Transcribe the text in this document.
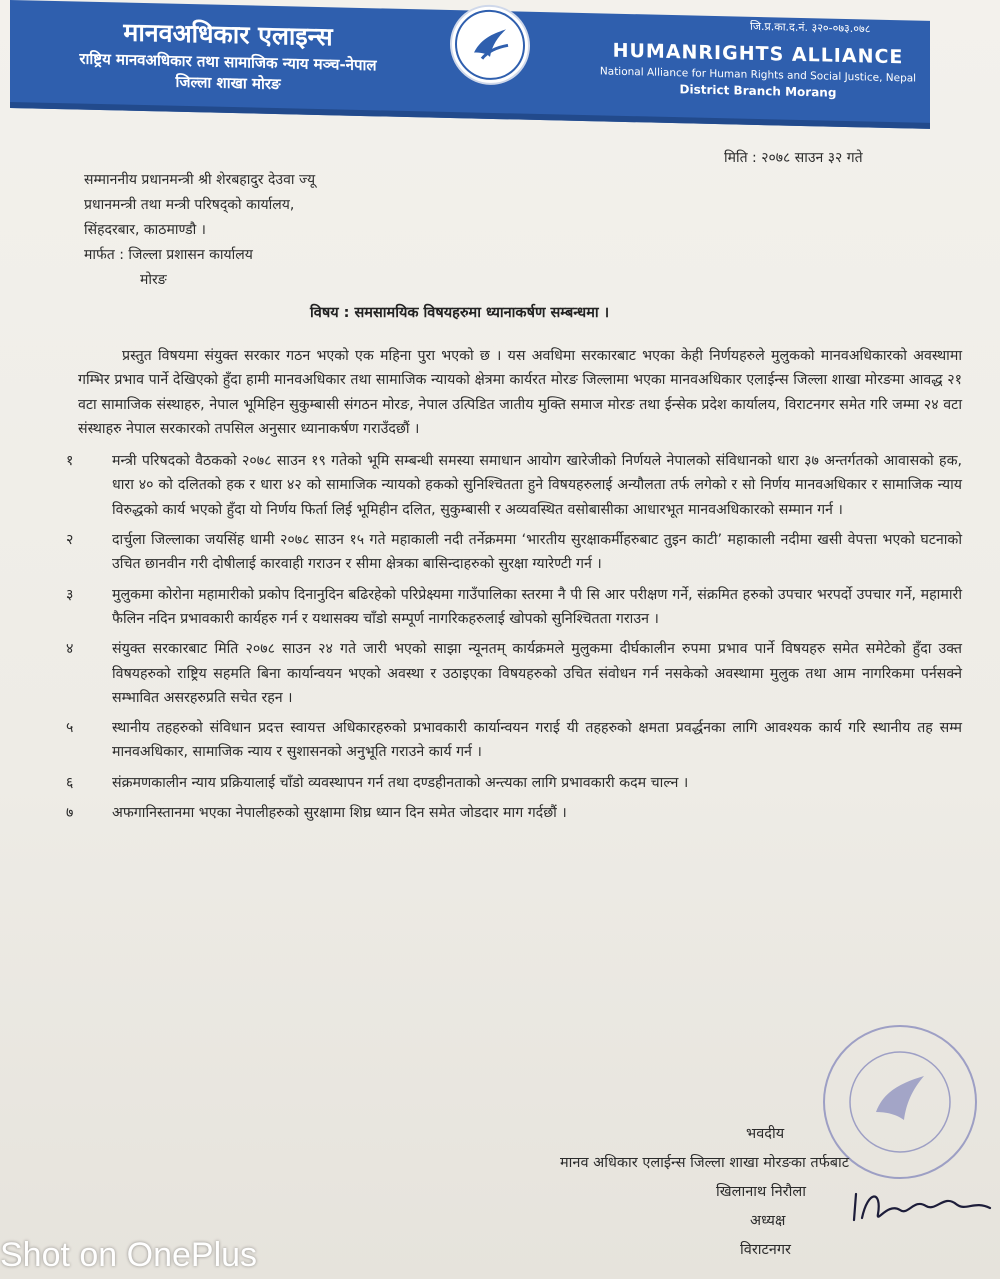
मानवअधिकार एलाइन्स
राष्ट्रिय मानवअधिकार तथा सामाजिक न्याय मञ्च-नेपाल
जिल्ला शाखा मोरङ
जि.प्र.का.द.नं. ३२०-०७३.०७८
HUMANRIGHTS ALLIANCE
National Alliance for Human Rights and Social Justice, Nepal
District Branch Morang
मिति : २०७८ साउन ३२ गते
सम्माननीय प्रधानमन्त्री श्री शेरबहादुर देउवा ज्यू
प्रधानमन्त्री तथा मन्त्री परिषद्‌को कार्यालय,
सिंहदरबार, काठमाण्डौ ।
मार्फत : जिल्ला प्रशासन कार्यालय
मोरङ
विषय : समसामयिक विषयहरुमा ध्यानाकर्षण सम्बन्धमा ।

प्रस्तुत विषयमा संयुक्त सरकार गठन भएको एक महिना पुरा भएको छ । यस अवधिमा सरकारबाट भएका केही निर्णयहरुले मुलुकको मानवअधिकारको अवस्थामा गम्भिर प्रभाव पार्ने देखिएको हुँदा हामी मानवअधिकार तथा सामाजिक न्यायको क्षेत्रमा कार्यरत मोरङ जिल्लामा भएका मानवअधिकार एलाईन्स जिल्ला शाखा मोरङमा आवद्ध २१ वटा सामाजिक संस्थाहरु, नेपाल भूमिहिन सुकुम्बासी संगठन मोरङ, नेपाल उत्पिडित जातीय मुक्ति समाज मोरङ तथा ईन्सेक प्रदेश कार्यालय, विराटनगर समेत गरि जम्मा २४ वटा संस्थाहरु नेपाल सरकारको तपसिल अनुसार ध्यानाकर्षण गराउँदछौं ।

१	मन्त्री परिषदको वैठकको २०७८ साउन १९ गतेको भूमि सम्बन्धी समस्या समाधान आयोग खारेजीको निर्णयले नेपालको संविधानको धारा ३७ अन्तर्गतको आवासको हक, धारा ४० को दलितको हक र धारा ४२ को सामाजिक न्यायको हकको सुनिश्चितता हुने विषयहरुलाई अन्यौलता तर्फ लगेको र सो निर्णय मानवअधिकार र सामाजिक न्याय विरुद्धको कार्य भएको हुँदा यो निर्णय फिर्ता लिई भूमिहीन दलित, सुकुम्बासी र अव्यवस्थित वसोबासीका आधारभूत मानवअधिकारको सम्मान गर्न ।
२	दार्चुला जिल्लाका जयसिंह धामी २०७८ साउन १५ गते महाकाली नदी तर्नेक्रममा ‘भारतीय सुरक्षाकर्मीहरुबाट तुइन काटी’ महाकाली नदीमा खसी वेपत्ता भएको घटनाको उचित छानवीन गरी दोषीलाई कारवाही गराउन र सीमा क्षेत्रका बासिन्दाहरुको सुरक्षा ग्यारेण्टी गर्न ।
३	मुलुकमा कोरोना महामारीको प्रकोप दिनानुदिन बढिरहेको परिप्रेक्ष्यमा गाउँपालिका स्तरमा नै पी सि आर परीक्षण गर्ने, संक्रमित हरुको उपचार भरपर्दो उपचार गर्ने, महामारी फैलिन नदिन प्रभावकारी कार्यहरु गर्न र यथासक्य चाँडो सम्पूर्ण नागरिकहरुलाई खोपको सुनिश्चितता गराउन ।
४	संयुक्त सरकारबाट मिति २०७८ साउन २४ गते जारी भएको साझा न्यूनतम् कार्यक्रमले मुलुकमा दीर्घकालीन रुपमा प्रभाव पार्ने विषयहरु समेत समेटेको हुँदा उक्त विषयहरुको राष्ट्रिय सहमति बिना कार्यान्वयन भएको अवस्था र उठाइएका विषयहरुको उचित संवोधन गर्न नसकेको अवस्थामा मुलुक तथा आम नागरिकमा पर्नसक्ने सम्भावित असरहरुप्रति सचेत रहन ।
५	स्थानीय तहहरुको संविधान प्रदत्त स्वायत्त अधिकारहरुको प्रभावकारी कार्यान्वयन गराई यी तहहरुको क्षमता प्रवर्द्धनका लागि आवश्यक कार्य गरि स्थानीय तह सम्म मानवअधिकार, सामाजिक न्याय र सुशासनको अनुभूति गराउने कार्य गर्न ।
६	संक्रमणकालीन न्याय प्रक्रियालाई चाँडो व्यवस्थापन गर्न तथा दण्डहीनताको अन्त्यका लागि प्रभावकारी कदम चाल्न ।
७	अफगानिस्तानमा भएका नेपालीहरुको सुरक्षामा शिघ्र ध्यान दिन समेत जोडदार माग गर्दछौं ।
भवदीय
मानव अधिकार एलाईन्स जिल्ला शाखा मोरङका तर्फबाट
खिलानाथ निरौला
अध्यक्ष
विराटनगर
Shot on OnePlus
